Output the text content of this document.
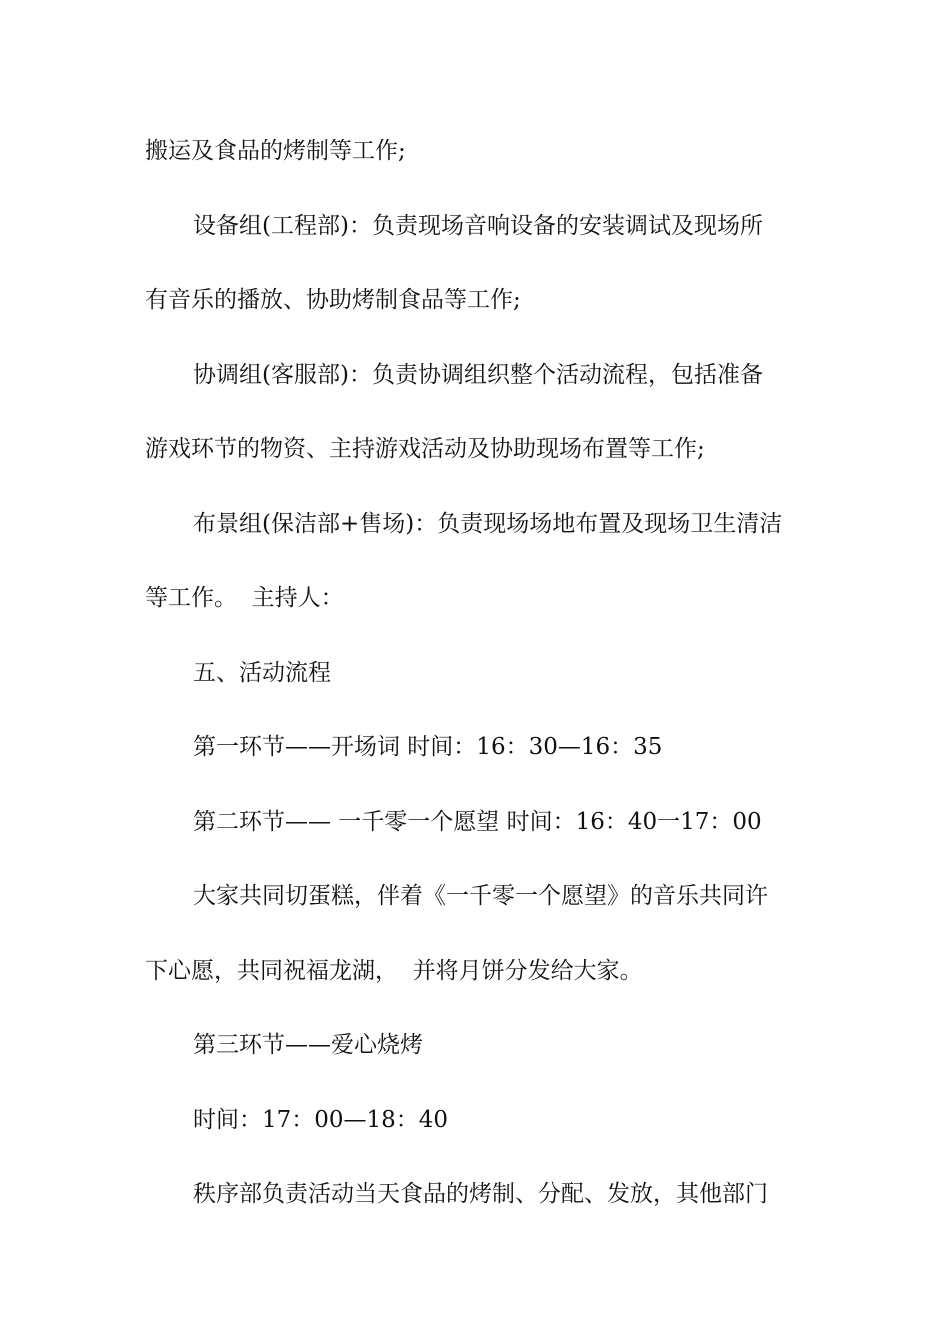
搬运及食品的烤制等工作;
设备组(工程部)：负责现场音响设备的安装调试及现场所
有音乐的播放、协助烤制食品等工作;
协调组(客服部)：负责协调组织整个活动流程，包括准备
游戏环节的物资、主持游戏活动及协助现场布置等工作;
布景组(保洁部+售场)：负责现场场地布置及现场卫生清洁
等工作。  主持人：
五、活动流程
第一环节——开场词 时间：16：30—16：35
第二环节—— 一千零一个愿望 时间：16：40一17：00
大家共同切蛋糕，伴着《一千零一个愿望》的音乐共同许
下心愿，共同祝福龙湖，  并将月饼分发给大家。
第三环节——爱心烧烤
时间：17：00—18：40
秩序部负责活动当天食品的烤制、分配、发放，其他部门
